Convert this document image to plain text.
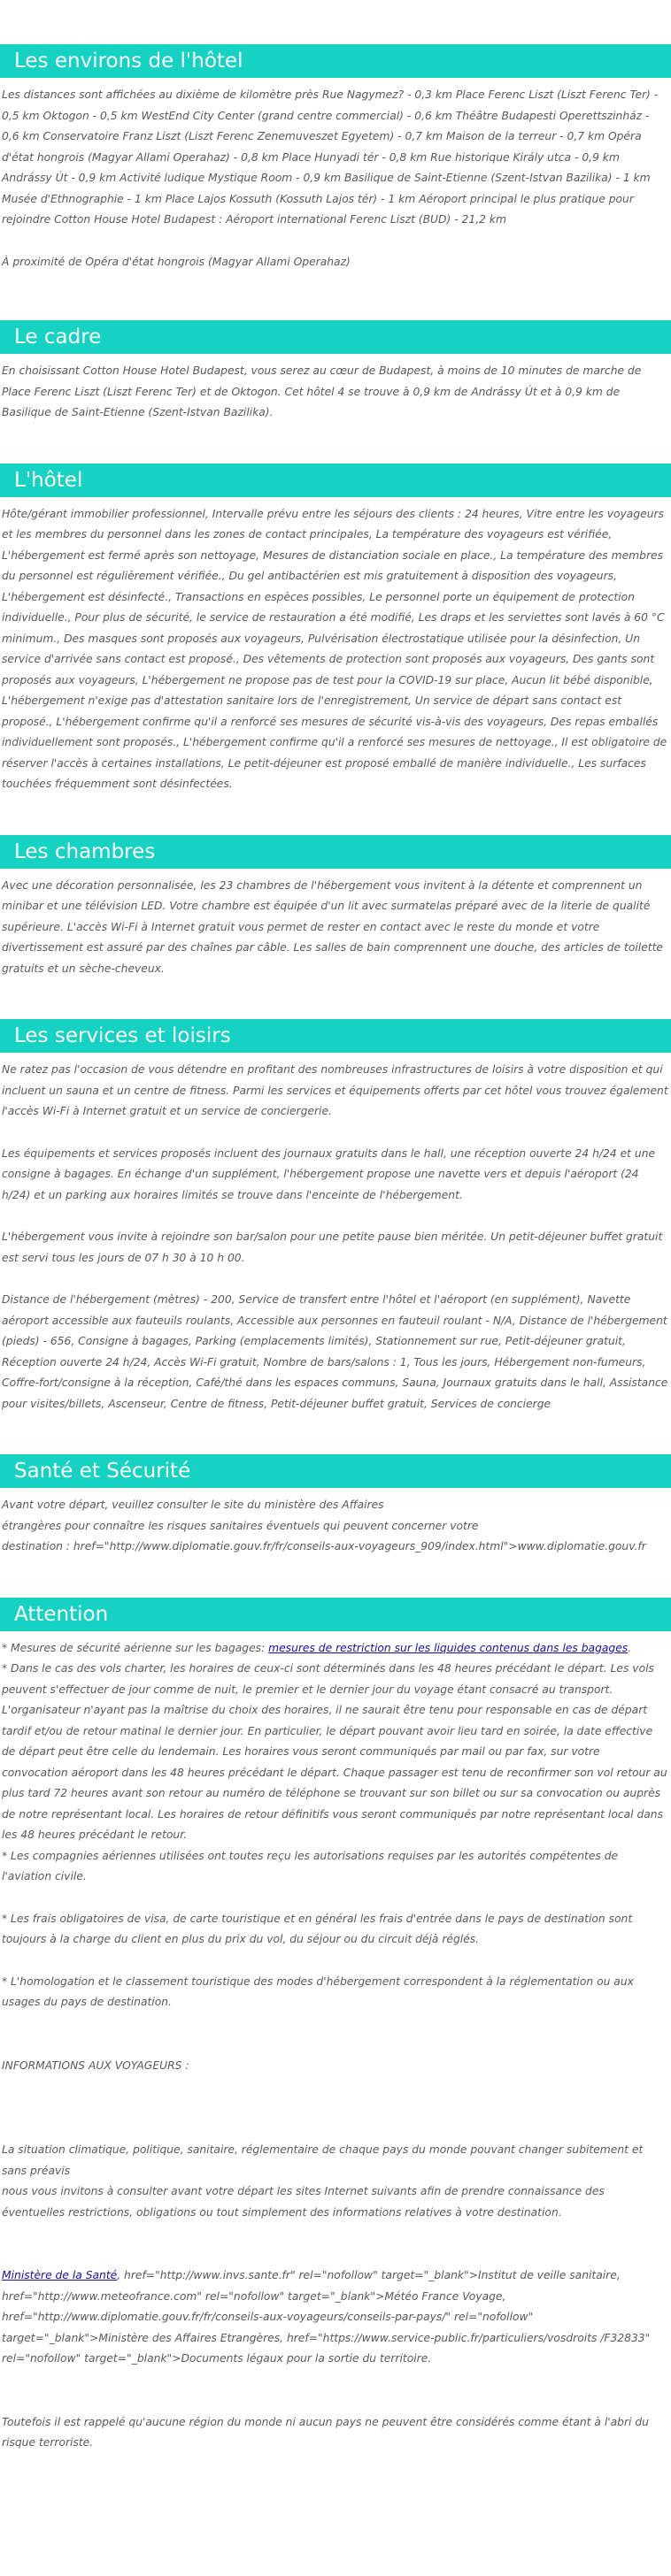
Les environs de l'hôtel

Les distances sont affichées au dixième de kilomètre près Rue Nagymez? - 0,3 km Place Ferenc Liszt (Liszt Ferenc Ter) - 0,5 km Oktogon - 0,5 km WestEnd City Center (grand centre commercial) - 0,6 km Théâtre Budapesti Operettszinház - 0,6 km Conservatoire Franz Liszt (Liszt Ferenc Zenemuveszet Egyetem) - 0,7 km Maison de la terreur - 0,7 km Opéra d'état hongrois (Magyar Allami Operahaz) - 0,8 km Place Hunyadi tér - 0,8 km Rue historique Király utca - 0,9 km Andrássy Út - 0,9 km Activité ludique Mystique Room - 0,9 km Basilique de Saint-Etienne (Szent-Istvan Bazilika) - 1 km Musée d'Ethnographie - 1 km Place Lajos Kossuth (Kossuth Lajos tér) - 1 km Aéroport principal le plus pratique pour rejoindre Cotton House Hotel Budapest : Aéroport international Ferenc Liszt (BUD) - 21,2 km

À proximité de Opéra d'état hongrois (Magyar Allami Operahaz)

Le cadre

En choisissant Cotton House Hotel Budapest, vous serez au cœur de Budapest, à moins de 10 minutes de marche de Place Ferenc Liszt (Liszt Ferenc Ter) et de Oktogon. Cet hôtel 4 se trouve à 0,9 km de Andrássy Út et à 0,9 km de Basilique de Saint-Etienne (Szent-Istvan Bazilika).

L'hôtel

Hôte/gérant immobilier professionnel, Intervalle prévu entre les séjours des clients : 24 heures, Vitre entre les voyageurs et les membres du personnel dans les zones de contact principales, La température des voyageurs est vérifiée, L'hébergement est fermé après son nettoyage, Mesures de distanciation sociale en place., La température des membres du personnel est régulièrement vérifiée., Du gel antibactérien est mis gratuitement à disposition des voyageurs, L'hébergement est désinfecté., Transactions en espèces possibles, Le personnel porte un équipement de protection individuelle., Pour plus de sécurité, le service de restauration a été modifié, Les draps et les serviettes sont lavés à 60 °C minimum., Des masques sont proposés aux voyageurs, Pulvérisation électrostatique utilisée pour la désinfection, Un service d'arrivée sans contact est proposé., Des vêtements de protection sont proposés aux voyageurs, Des gants sont proposés aux voyageurs, L'hébergement ne propose pas de test pour la COVID-19 sur place, Aucun lit bébé disponible, L'hébergement n'exige pas d'attestation sanitaire lors de l'enregistrement, Un service de départ sans contact est proposé., L'hébergement confirme qu'il a renforcé ses mesures de sécurité vis-à-vis des voyageurs, Des repas emballés individuellement sont proposés., L'hébergement confirme qu'il a renforcé ses mesures de nettoyage., Il est obligatoire de réserver l'accès à certaines installations, Le petit-déjeuner est proposé emballé de manière individuelle., Les surfaces touchées fréquemment sont désinfectées.

Les chambres

Avec une décoration personnalisée, les 23 chambres de l'hébergement vous invitent à la détente et comprennent un minibar et une télévision LED. Votre chambre est équipée d'un lit avec surmatelas préparé avec de la literie de qualité supérieure. L'accès Wi-Fi à Internet gratuit vous permet de rester en contact avec le reste du monde et votre divertissement est assuré par des chaînes par câble. Les salles de bain comprennent une douche, des articles de toilette gratuits et un sèche-cheveux.

Les services et loisirs

Ne ratez pas l'occasion de vous détendre en profitant des nombreuses infrastructures de loisirs à votre disposition et qui incluent un sauna et un centre de fitness. Parmi les services et équipements offerts par cet hôtel vous trouvez également l'accès Wi-Fi à Internet gratuit et un service de conciergerie.

Les équipements et services proposés incluent des journaux gratuits dans le hall, une réception ouverte 24 h/24 et une consigne à bagages. En échange d'un supplément, l'hébergement propose une navette vers et depuis l'aéroport (24 h/24) et un parking aux horaires limités se trouve dans l'enceinte de l'hébergement.

L'hébergement vous invite à rejoindre son bar/salon pour une petite pause bien méritée. Un petit-déjeuner buffet gratuit est servi tous les jours de 07 h 30 à 10 h 00.

Distance de l'hébergement (mètres) - 200, Service de transfert entre l'hôtel et l'aéroport (en supplément), Navette aéroport accessible aux fauteuils roulants, Accessible aux personnes en fauteuil roulant - N/A, Distance de l'hébergement (pieds) - 656, Consigne à bagages, Parking (emplacements limités), Stationnement sur rue, Petit-déjeuner gratuit, Réception ouverte 24 h/24, Accès Wi-Fi gratuit, Nombre de bars/salons : 1, Tous les jours, Hébergement non-fumeurs, Coffre-fort/consigne à la réception, Café/thé dans les espaces communs, Sauna, Journaux gratuits dans le hall, Assistance pour visites/billets, Ascenseur, Centre de fitness, Petit-déjeuner buffet gratuit, Services de concierge

Santé et Sécurité

Avant votre départ, veuillez consulter le site du ministère des Affaires

étrangères pour connaître les risques sanitaires éventuels qui peuvent concerner votre

destination : href="http://www.diplomatie.gouv.fr/fr/conseils-aux-voyageurs_909/index.html">www.diplomatie.gouv.fr

Attention

* Mesures de sécurité aérienne sur les bagages: mesures de restriction sur les liquides contenus dans les bagages.

* Dans le cas des vols charter, les horaires de ceux-ci sont déterminés dans les 48 heures précédant le départ. Les vols peuvent s'effectuer de jour comme de nuit, le premier et le dernier jour du voyage étant consacré au transport. L'organisateur n'ayant pas la maîtrise du choix des horaires, il ne saurait être tenu pour responsable en cas de départ tardif et/ou de retour matinal le dernier jour. En particulier, le départ pouvant avoir lieu tard en soirée, la date effective de départ peut être celle du lendemain. Les horaires vous seront communiqués par mail ou par fax, sur votre convocation aéroport dans les 48 heures précédant le départ. Chaque passager est tenu de reconfirmer son vol retour au plus tard 72 heures avant son retour au numéro de téléphone se trouvant sur son billet ou sur sa convocation ou auprès de notre représentant local. Les horaires de retour définitifs vous seront communiqués par notre représentant local dans les 48 heures précédant le retour.

* Les compagnies aériennes utilisées ont toutes reçu les autorisations requises par les autorités compétentes de l'aviation civile.

* Les frais obligatoires de visa, de carte touristique et en général les frais d'entrée dans le pays de destination sont toujours à la charge du client en plus du prix du vol, du séjour ou du circuit déjà réglés.

* L'homologation et le classement touristique des modes d'hébergement correspondent à la réglementation ou aux usages du pays de destination.

INFORMATIONS AUX VOYAGEURS :

La situation climatique, politique, sanitaire, réglementaire de chaque pays du monde pouvant changer subitement et sans préavis

nous vous invitons à consulter avant votre départ les sites Internet suivants afin de prendre connaissance des éventuelles restrictions, obligations ou tout simplement des informations relatives à votre destination.

Ministère de la Santé, href="http://www.invs.sante.fr" rel="nofollow" target="_blank">Institut de veille sanitaire, href="http://www.meteofrance.com" rel="nofollow" target="_blank">Météo France Voyage, href="http://www.diplomatie.gouv.fr/fr/conseils-aux-voyageurs/conseils-par-pays/" rel="nofollow" target="_blank">Ministère des Affaires Etrangères, href="https://www.service-public.fr/particuliers/vosdroits /F32833" rel="nofollow" target="_blank">Documents légaux pour la sortie du territoire.

Toutefois il est rappelé qu'aucune région du monde ni aucun pays ne peuvent être considérés comme étant à l'abri du risque terroriste.
